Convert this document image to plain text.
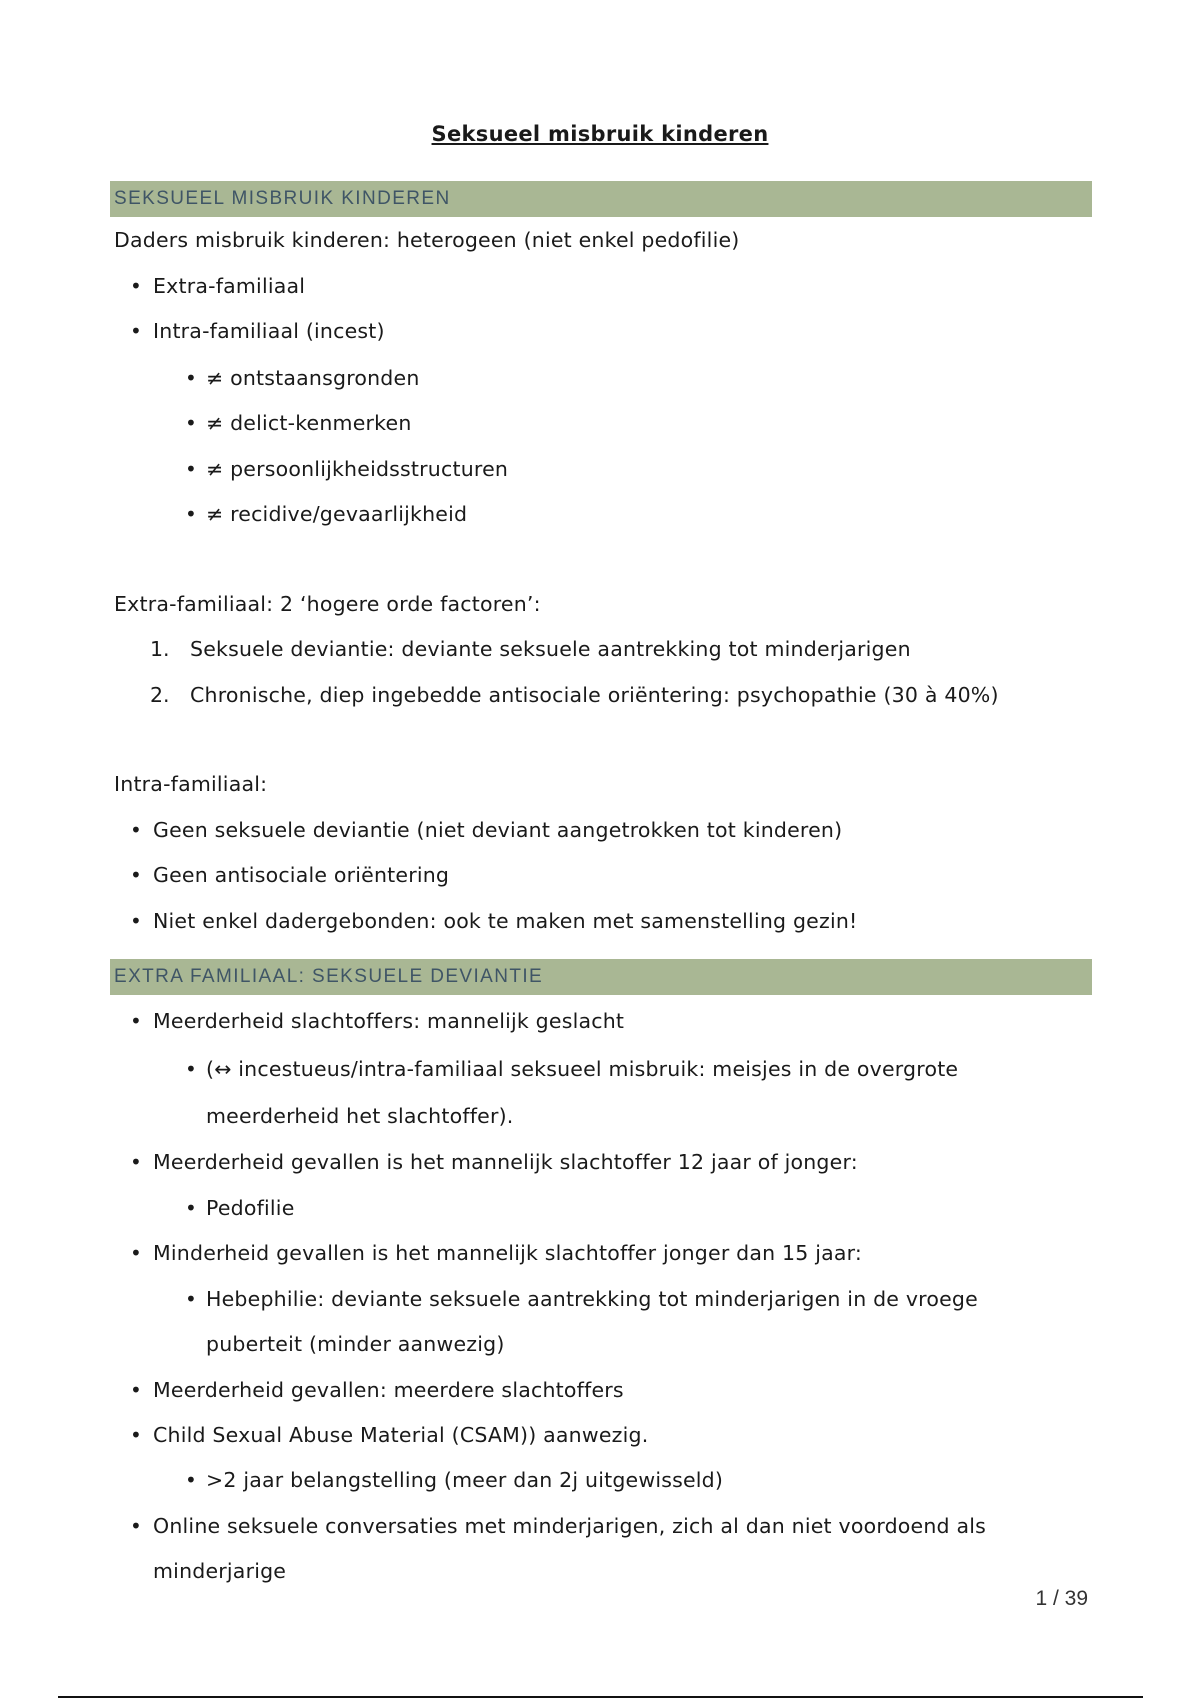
Seksueel misbruik kinderen
SEKSUEEL MISBRUIK KINDEREN
Daders misbruik kinderen: heterogeen (niet enkel pedofilie)
• Extra-familiaal
• Intra-familiaal (incest)
• ≠ ontstaansgronden
• ≠ delict-kenmerken
• ≠ persoonlijkheidsstructuren
• ≠ recidive/gevaarlijkheid
Extra-familiaal: 2 ‘hogere orde factoren’:
1. Seksuele deviantie: deviante seksuele aantrekking tot minderjarigen
2. Chronische, diep ingebedde antisociale oriëntering: psychopathie (30 à 40%)
Intra-familiaal:
• Geen seksuele deviantie (niet deviant aangetrokken tot kinderen)
• Geen antisociale oriëntering
• Niet enkel dadergebonden: ook te maken met samenstelling gezin!
EXTRA FAMILIAAL: SEKSUELE DEVIANTIE
• Meerderheid slachtoffers: mannelijk geslacht
• (↔ incestueus/intra-familiaal seksueel misbruik: meisjes in de overgrote
meerderheid het slachtoffer).
• Meerderheid gevallen is het mannelijk slachtoffer 12 jaar of jonger:
• Pedofilie
• Minderheid gevallen is het mannelijk slachtoffer jonger dan 15 jaar:
• Hebephilie: deviante seksuele aantrekking tot minderjarigen in de vroege
puberteit (minder aanwezig)
• Meerderheid gevallen: meerdere slachtoffers
• Child Sexual Abuse Material (CSAM)) aanwezig.
• >2 jaar belangstelling (meer dan 2j uitgewisseld)
• Online seksuele conversaties met minderjarigen, zich al dan niet voordoend als
minderjarige
1 / 39
